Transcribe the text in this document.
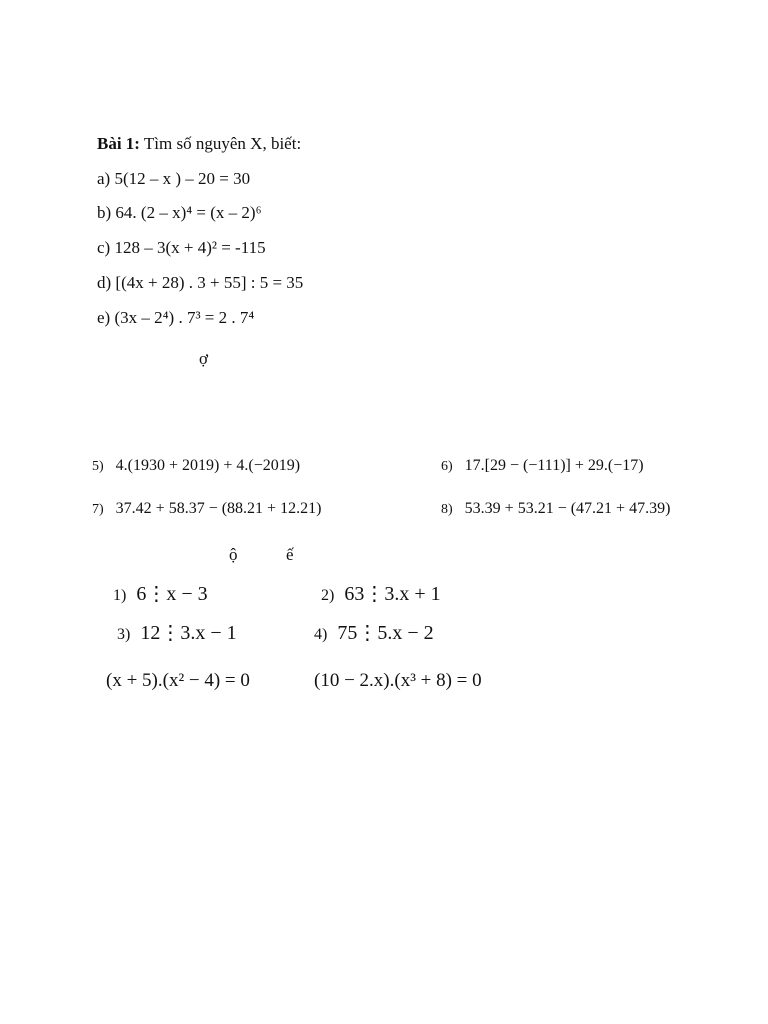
Bài 1: Tìm số nguyên X, biết:
a) 5(12 – x ) – 20 = 30
b) 64. (2 – x)⁴ = (x – 2)⁶
c) 128 – 3(x + 4)² = -115
d) [(4x + 28) . 3 + 55] : 5 = 35
e) (3x – 2⁴) . 7³ = 2 . 7⁴
ợ
ộ	ế
5) 4.(1930 + 2019) + 4.(−2019)	6) 17.[29 − (−111)] + 29.(−17)
7) 37.42 + 58.37 − (88.21 + 12.21)	8) 53.39 + 53.21 − (47.21 + 47.39)
1) 6⋮x − 3	2) 63⋮3.x + 1
3) 12⋮3.x − 1	4) 75⋮5.x − 2
(x + 5).(x² − 4) = 0	(10 − 2.x).(x³ + 8) = 0
